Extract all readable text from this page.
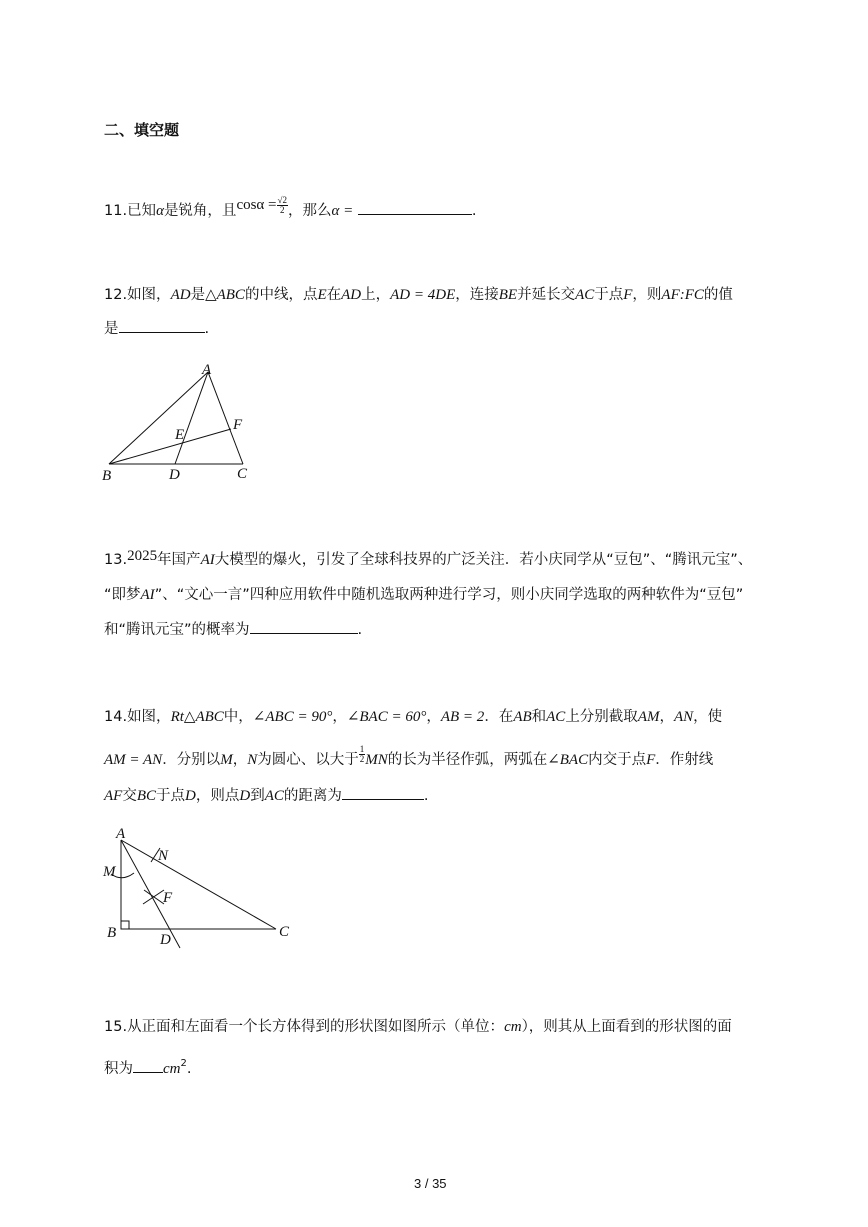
二、填空题
11.已知α是锐角，且$\cos\alpha = \frac{√2}{2}$ ，那么α =	.
12.如图，AD是△ABC的中线，点E在AD上，AD = 4DE，连接BE并延长交AC于点F，则AF:FC的值
是	.
A
B	C
D
E
F
13.2025年国产AI大模型的爆火，引发了全球科技界的广泛关注．若小庆同学从“豆包”、“腾讯元宝”、
“即梦AI”、“文心一言”四种应用软件中随机选取两种进行学习，则小庆同学选取的两种软件为“豆包”
和“腾讯元宝”的概率为	.
14.如图，Rt△ABC中，∠ABC = 90°，∠BAC = 60°，AB = 2．在AB和AC上分别截取AM，AN，使
AM = AN．分别以M，N为圆心、以大于 $\frac{1}{2}$ MN的长为半径作弧，两弧在∠BAC内交于点F．作射线
AF交BC于点D，则点D到AC的距离为	.
A
B	C
D
F
M
N
15.从正面和左面看一个长方体得到的形状图如图所示（单位：cm），则其从上面看到的形状图的面
积为 $cm^2$.
3 / 35
